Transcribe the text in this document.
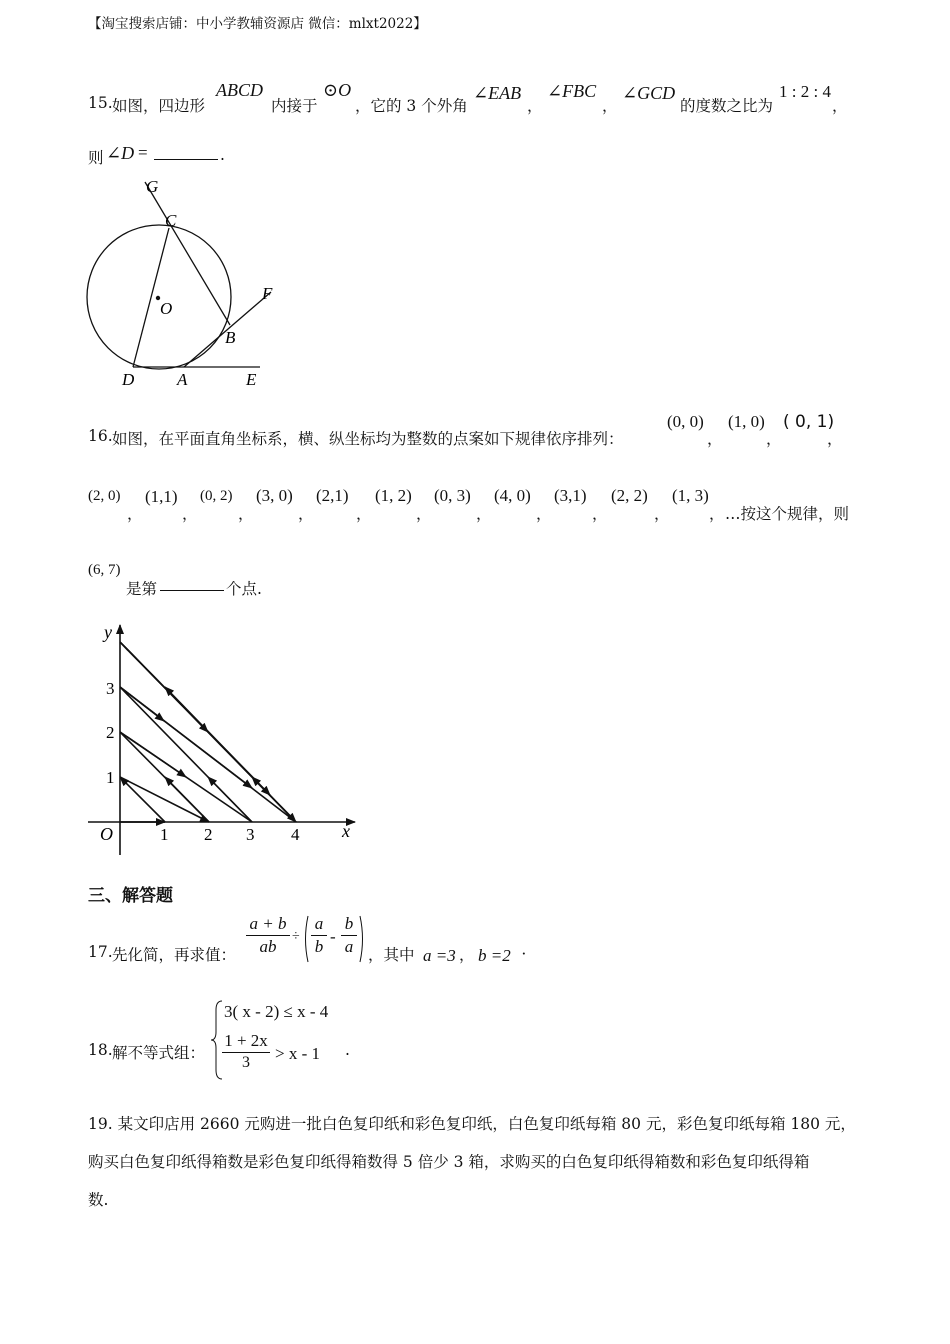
【淘宝搜索店铺：中小学教辅资源店 微信：mlxt2022】
15. 如图，四边形
ABCD
内接于
⊙O
，它的 3 个外角
∠EAB
，
∠FBC
，
∠GCD
的度数之比为
1 : 2 : 4
，
则 ∠D =	.
G
C
O
F
B
D	A	E
16. 如图，在平面直角坐标系，横、纵坐标均为整数的点案如下规律依序排列：
(0, 0)
，
(1, 0)
，
( 0, 1)
，
(2, 0)
，
(1,1)
，
(0, 2)
，
(3, 0)
，
(2,1)
，
(1, 2)
，
(0, 3)
，
(4, 0)
，
(3,1)
，
(2, 2)
，
(1, 3)
， …按这个规律，则
(6, 7)
是第	个点.
y
x
O	1 2 3 4
1
2
3
三、解答题
17. 先化简，再求值：
a + b
ab
÷
a
b
-
b
a ，其中 a =3 ， b =2 ·
18. 解不等式组：
3( x - 2) ≤ x - 4
1 + 2x
3	> x - 1 .
19. 某文印店用 2660 元购进一批白色复印纸和彩色复印纸，白色复印纸每箱 80 元，彩色复印纸每箱 180 元，
购买白色复印纸得箱数是彩色复印纸得箱数得 5 倍少 3 箱，求购买的白色复印纸得箱数和彩色复印纸得箱
数.
